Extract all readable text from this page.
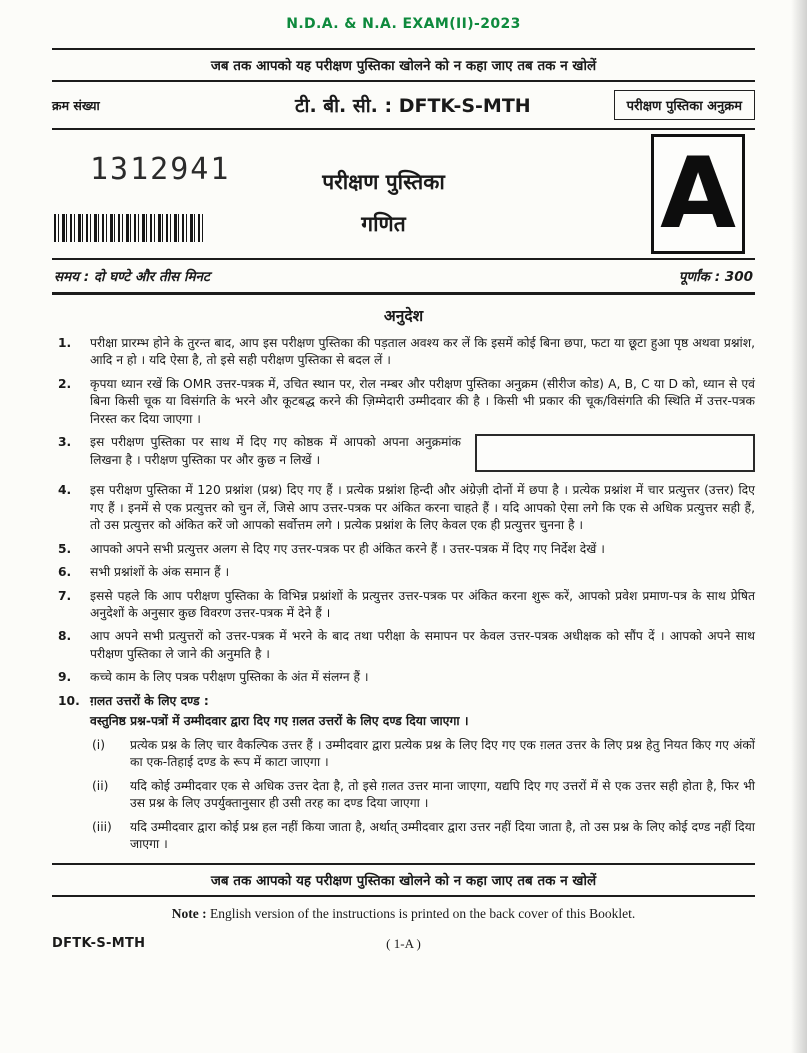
N.D.A. & N.A. EXAM(II)-2023
जब तक आपको यह परीक्षण पुस्तिका खोलने को न कहा जाए तब तक न खोलें
क्रम संख्या	टी. बी. सी. : DFTK-S-MTH	परीक्षण पुस्तिका अनुक्रम
1312941	परीक्षण पुस्तिका
गणित	A
समय : दो घण्टे और तीस मिनट	पूर्णांक : 300
अनुदेश
1.	परीक्षा प्रारम्भ होने के तुरन्त बाद, आप इस परीक्षण पुस्तिका की पड़ताल अवश्य कर लें कि इसमें कोई बिना छपा, फटा या छूटा हुआ पृष्ठ अथवा प्रश्नांश, आदि न हो । यदि ऐसा है, तो इसे सही परीक्षण पुस्तिका से बदल लें ।
2.	कृपया ध्यान रखें कि OMR उत्तर-पत्रक में, उचित स्थान पर, रोल नम्बर और परीक्षण पुस्तिका अनुक्रम (सीरीज कोड) A, B, C या D को, ध्यान से एवं बिना किसी चूक या विसंगति के भरने और कूटबद्ध करने की ज़िम्मेदारी उम्मीदवार की है । किसी भी प्रकार की चूक/विसंगति की स्थिति में उत्तर-पत्रक निरस्त कर दिया जाएगा ।
3.	इस परीक्षण पुस्तिका पर साथ में दिए गए कोष्ठक में आपको अपना अनुक्रमांक लिखना है । परीक्षण पुस्तिका पर और कुछ न लिखें ।
4.	इस परीक्षण पुस्तिका में 120 प्रश्नांश (प्रश्न) दिए गए हैं । प्रत्येक प्रश्नांश हिन्दी और अंग्रेज़ी दोनों में छपा है । प्रत्येक प्रश्नांश में चार प्रत्युत्तर (उत्तर) दिए गए हैं । इनमें से एक प्रत्युत्तर को चुन लें, जिसे आप उत्तर-पत्रक पर अंकित करना चाहते हैं । यदि आपको ऐसा लगे कि एक से अधिक प्रत्युत्तर सही हैं, तो उस प्रत्युत्तर को अंकित करें जो आपको सर्वोत्तम लगे । प्रत्येक प्रश्नांश के लिए केवल एक ही प्रत्युत्तर चुनना है ।
5.	आपको अपने सभी प्रत्युत्तर अलग से दिए गए उत्तर-पत्रक पर ही अंकित करने हैं । उत्तर-पत्रक में दिए गए निर्देश देखें ।
6.	सभी प्रश्नांशों के अंक समान हैं ।
7.	इससे पहले कि आप परीक्षण पुस्तिका के विभिन्न प्रश्नांशों के प्रत्युत्तर उत्तर-पत्रक पर अंकित करना शुरू करें, आपको प्रवेश प्रमाण-पत्र के साथ प्रेषित अनुदेशों के अनुसार कुछ विवरण उत्तर-पत्रक में देने हैं ।
8.	आप अपने सभी प्रत्युत्तरों को उत्तर-पत्रक में भरने के बाद तथा परीक्षा के समापन पर केवल उत्तर-पत्रक अधीक्षक को सौंप दें । आपको अपने साथ परीक्षण पुस्तिका ले जाने की अनुमति है ।
9.	कच्चे काम के लिए पत्रक परीक्षण पुस्तिका के अंत में संलग्न हैं ।
10. ग़लत उत्तरों के लिए दण्ड :
वस्तुनिष्ठ प्रश्न-पत्रों में उम्मीदवार द्वारा दिए गए ग़लत उत्तरों के लिए दण्ड दिया जाएगा ।
(i)	प्रत्येक प्रश्न के लिए चार वैकल्पिक उत्तर हैं । उम्मीदवार द्वारा प्रत्येक प्रश्न के लिए दिए गए एक ग़लत उत्तर के लिए प्रश्न हेतु नियत किए गए अंकों का एक-तिहाई दण्ड के रूप में काटा जाएगा ।
(ii)	यदि कोई उम्मीदवार एक से अधिक उत्तर देता है, तो इसे ग़लत उत्तर माना जाएगा, यद्यपि दिए गए उत्तरों में से एक उत्तर सही होता है, फिर भी उस प्रश्न के लिए उपर्युक्तानुसार ही उसी तरह का दण्ड दिया जाएगा ।
(iii)	यदि उम्मीदवार द्वारा कोई प्रश्न हल नहीं किया जाता है, अर्थात् उम्मीदवार द्वारा उत्तर नहीं दिया जाता है, तो उस प्रश्न के लिए कोई दण्ड नहीं दिया जाएगा ।
जब तक आपको यह परीक्षण पुस्तिका खोलने को न कहा जाए तब तक न खोलें
Note : English version of the instructions is printed on the back cover of this Booklet.
DFTK-S-MTH	( 1-A )
